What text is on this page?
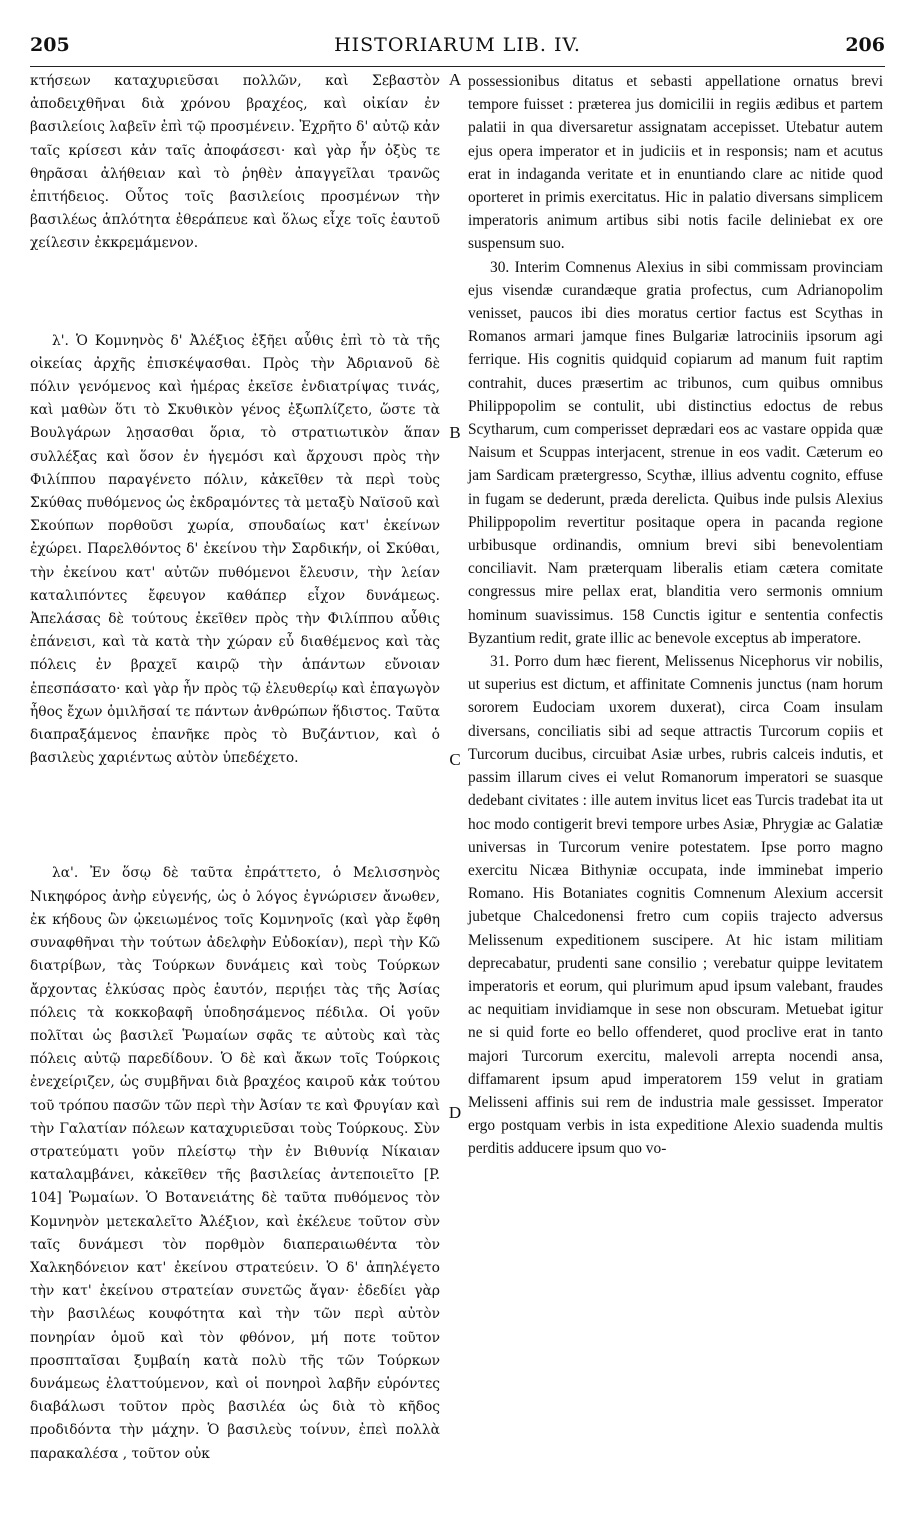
205	HISTORIARUM LIB. IV.	206
A
B
C
D

κτήσεων καταχυριεῦσαι πολλῶν, καὶ Σεβαστὸν ἀποδειχθῆναι διὰ χρόνου βραχέος, καὶ οἰκίαν ἐν βασιλείοις λαβεῖν ἐπὶ τῷ προσμένειν. Ἐχρῆτο δ' αὐτῷ κἀν ταῖς κρίσεσι κἀν ταῖς ἀποφάσεσι· καὶ γὰρ ἦν ὀξὺς τε θηρᾶσαι ἀλήθειαν καὶ τὸ ῥηθὲν ἀπαγγεῖλαι τρανῶς ἐπιτήδειος. Οὗτος τοῖς βασιλείοις προσμένων τὴν βασιλέως ἁπλότητα ἐθεράπευε καὶ ὅλως εἶχε τοῖς ἑαυτοῦ χείλεσιν ἐκκρεμάμενον.

λ'. Ὁ Κομνηνὸς δ' Ἀλέξιος ἐξῆει αὖθις ἐπὶ τὸ τὰ τῆς οἰκείας ἀρχῆς ἐπισκέψασθαι. Πρὸς τὴν Ἀδριανοῦ δὲ πόλιν γενόμενος καὶ ἡμέρας ἐκεῖσε ἐνδιατρίψας τινάς, καὶ μαθὼν ὅτι τὸ Σκυθικὸν γένος ἐξωπλίζετο, ὥστε τὰ Βουλγάρων λῃσασθαι ὅρια, τὸ στρατιωτικὸν ἅπαν συλλέξας καὶ ὅσον ἐν ἡγεμόσι καὶ ἄρχουσι πρὸς τὴν Φιλίππου παραγένετο πόλιν, κἀκεῖθεν τὰ περὶ τοὺς Σκύθας πυθόμενος ὡς ἐκδραμόντες τὰ μεταξὺ Ναϊσοῦ καὶ Σκούπων πορθοῦσι χωρία, σπουδαίως κατ' ἐκείνων ἐχώρει. Παρελθόντος δ' ἐκείνου τὴν Σαρδικήν, οἱ Σκύθαι, τὴν ἐκείνου κατ' αὐτῶν πυθόμενοι ἔλευσιν, τὴν λείαν καταλιπόντες ἔφευγον καθάπερ εἶχον δυνάμεως. Ἀπελάσας δὲ τούτους ἐκεῖθεν πρὸς τὴν Φιλίππου αὖθις ἐπάνεισι, καὶ τὰ κατὰ τὴν χώραν εὖ διαθέμενος καὶ τὰς πόλεις ἐν βραχεῖ καιρῷ τὴν ἁπάντων εὔνοιαν ἐπεσπάσατο· καὶ γὰρ ἦν πρὸς τῷ ἐλευθερίῳ καὶ ἐπαγωγὸν ἦθος ἔχων ὁμιλῆσαί τε πάντων ἀνθρώπων ἥδιστος. Ταῦτα διαπραξάμενος ἐπανῆκε πρὸς τὸ Βυζάντιον, καὶ ὁ βασιλεὺς χαριέντως αὐτὸν ὑπεδέχετο.

λα'. Ἐν ὅσῳ δὲ ταῦτα ἐπράττετο, ὁ Μελισσηνὸς Νικηφόρος ἀνὴρ εὐγενής, ὡς ὁ λόγος ἐγνώρισεν ἄνωθεν, ἐκ κήδους ὢν ᾠκειωμένος τοῖς Κομνηνοῖς (καὶ γὰρ ἔφθη συναφθῆναι τὴν τούτων ἀδελφὴν Εὐδοκίαν), περὶ τὴν Κῶ διατρίβων, τὰς Τούρκων δυνάμεις καὶ τοὺς Τούρκων ἄρχοντας ἑλκύσας πρὸς ἑαυτόν, περιῄει τὰς τῆς Ἀσίας πόλεις τὰ κοκκοβαφῆ ὑποδησάμενος πέδιλα. Οἱ γοῦν πολῖται ὡς βασιλεῖ Ῥωμαίων σφᾶς τε αὐτοὺς καὶ τὰς πόλεις αὐτῷ παρεδίδουν. Ὁ δὲ καὶ ἄκων τοῖς Τούρκοις ἐνεχείριζεν, ὡς συμβῆναι διὰ βραχέος καιροῦ κἀκ τούτου τοῦ τρόπου πασῶν τῶν περὶ τὴν Ἀσίαν τε καὶ Φρυγίαν καὶ τὴν Γαλατίαν πόλεων καταχυριεῦσαι τοὺς Τούρκους. Σὺν στρατεύματι γοῦν πλείστῳ τὴν ἐν Βιθυνίᾳ Νίκαιαν καταλαμβάνει, κἀκεῖθεν τῆς βασιλείας ἀντεποιεῖτο [P. 104] Ῥωμαίων. Ὁ Βοτανειάτης δὲ ταῦτα πυθόμενος τὸν Κομνηνὸν μετεκαλεῖτο Ἀλέξιον, καὶ ἐκέλευε τοῦτον σὺν ταῖς δυνάμεσι τὸν πορθμὸν διαπεραιωθέντα τὸν Χαλκηδόνειον κατ' ἐκείνου στρατεύειν. Ὁ δ' ἀπηλέγετο τὴν κατ' ἐκείνου στρατείαν συνετῶς ἄγαν· ἐδεδίει γὰρ τὴν βασιλέως κουφότητα καὶ τὴν τῶν περὶ αὐτὸν πονηρίαν ὁμοῦ καὶ τὸν φθόνον, μή ποτε τοῦτον προσπταῖσαι ξυμβαίη κατὰ πολὺ τῆς τῶν Τούρκων δυνάμεως ἐλαττούμενον, καὶ οἱ πονηροὶ λαβῆν εὑρόντες διαβάλωσι τοῦτον πρὸς βασιλέα ὡς διὰ τὸ κῆδος προδιδόντα τὴν μάχην. Ὁ βασιλεὺς τοίνυν, ἐπεὶ πολλὰ παρακαλέσα , τοῦτον οὐκ

possessionibus ditatus et sebasti appellatione ornatus brevi tempore fuisset : præterea jus domicilii in regiis ædibus et partem palatii in qua diversaretur assignatam accepisset. Utebatur autem ejus opera imperator et in judiciis et in responsis; nam et acutus erat in indaganda veritate et in enuntiando clare ac nitide quod oporteret in primis exercitatus. Hic in palatio diversans simplicem imperatoris animum artibus sibi notis facile deliniebat ex ore suspensum suo.

30. Interim Comnenus Alexius in sibi commissam provinciam ejus visendæ curandæque gratia profectus, cum Adrianopolim venisset, paucos ibi dies moratus certior factus est Scythas in Romanos armari jamque fines Bulgariæ latrociniis ipsorum agi ferrique. His cognitis quidquid copiarum ad manum fuit raptim contrahit, duces præsertim ac tribunos, cum quibus omnibus Philippopolim se contulit, ubi distinctius edoctus de rebus Scytharum, cum comperisset deprædari eos ac vastare oppida quæ Naisum et Scuppas interjacent, strenue in eos vadit. Cæterum eo jam Sardicam prætergresso, Scythæ, illius adventu cognito, effuse in fugam se dederunt, præda derelicta. Quibus inde pulsis Alexius Philippopolim revertitur positaque opera in pacanda regione urbibusque ordinandis, omnium brevi sibi benevolentiam conciliavit. Nam præterquam liberalis etiam cætera comitate congressus mire pellax erat, blanditia vero sermonis omnium hominum suavissimus. 158 Cunctis igitur e sententia confectis Byzantium redit, grate illic ac benevole exceptus ab imperatore.

31. Porro dum hæc fierent, Melissenus Nicephorus vir nobilis, ut superius est dictum, et affinitate Comnenis junctus (nam horum sororem Eudociam uxorem duxerat), circa Coam insulam diversans, conciliatis sibi ad seque attractis Turcorum copiis et Turcorum ducibus, circuibat Asiæ urbes, rubris calceis indutis, et passim illarum cives ei velut Romanorum imperatori se suasque dedebant civitates : ille autem invitus licet eas Turcis tradebat ita ut hoc modo contigerit brevi tempore urbes Asiæ, Phrygiæ ac Galatiæ universas in Turcorum venire potestatem. Ipse porro magno exercitu Nicæa Bithyniæ occupata, inde imminebat imperio Romano. His Botaniates cognitis Comnenum Alexium accersit jubetque Chalcedonensi fretro cum copiis trajecto adversus Melissenum expeditionem suscipere. At hic istam militiam deprecabatur, prudenti sane consilio ; verebatur quippe levitatem imperatoris et eorum, qui plurimum apud ipsum valebant, fraudes ac nequitiam invidiamque in sese non obscuram. Metuebat igitur ne si quid forte eo bello offenderet, quod proclive erat in tanto majori Turcorum exercitu, malevoli arrepta nocendi ansa, diffamarent ipsum apud imperatorem 159 velut in gratiam Melisseni affinis sui rem de industria male gessisset. Imperator ergo postquam verbis in ista expeditione Alexio suadenda multis perditis adducere ipsum quo vo-
